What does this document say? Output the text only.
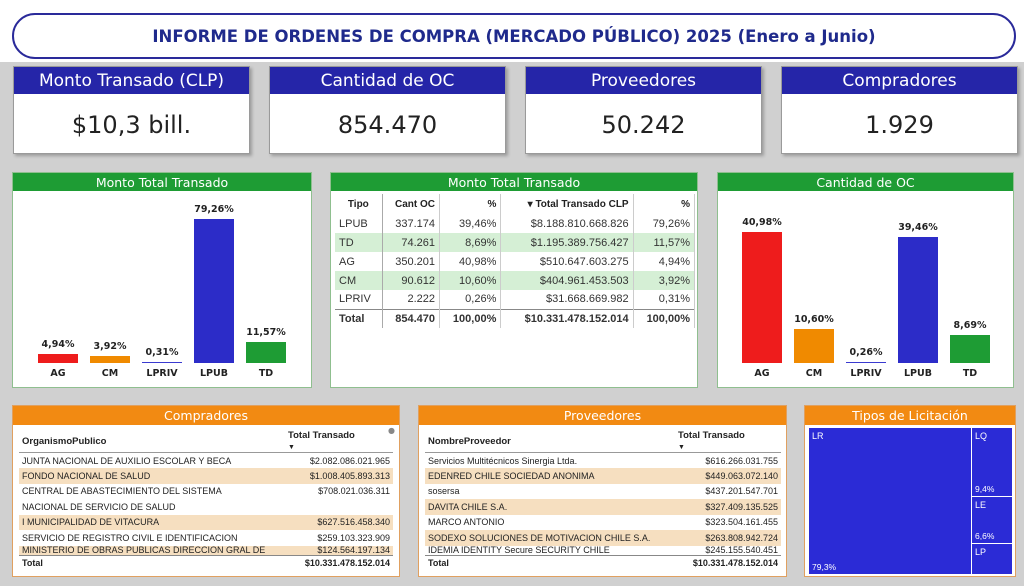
INFORME DE ORDENES DE COMPRA (MERCADO PÚBLICO) 2025 (Enero a Junio)
Monto Transado (CLP)
$10,3 bill.
Cantidad de OC
854.470
Proveedores
50.242
Compradores
1.929
Monto Total Transado
4,94%
AG
3,92%
CM
0,31%
LPRIV
79,26%
LPUB
11,57%
TD
Monto Total Transado
Tipo	Cant OC	%	▾ Total Transado CLP	%
LPUB	337.174	39,46%	$8.188.810.668.826	79,26%
TD	74.261	8,69%	$1.195.389.756.427	11,57%
AG	350.201	40,98%	$510.647.603.275	4,94%
CM	90.612	10,60%	$404.961.453.503	3,92%
LPRIV	2.222	0,26%	$31.668.669.982	0,31%
Total	854.470	100,00%	$10.331.478.152.014	100,00%
Cantidad de OC
40,98%
AG
10,60%
CM
0,26%
LPRIV
39,46%
LPUB
8,69%
TD
Compradores
●
OrganismoPublico	Total Transado
▼
JUNTA NACIONAL DE AUXILIO ESCOLAR Y BECA	$2.082.086.021.965
FONDO NACIONAL DE SALUD	$1.008.405.893.313
CENTRAL DE ABASTECIMIENTO DEL SISTEMA	$708.021.036.311
NACIONAL DE SERVICIO DE SALUD	
I MUNICIPALIDAD DE VITACURA	$627.516.458.340
SERVICIO DE REGISTRO CIVIL E IDENTIFICACION	$259.103.323.909
MINISTERIO DE OBRAS PUBLICAS DIRECCION GRAL DE	$124.564.197.134
Total	$10.331.478.152.014
Proveedores
NombreProveedor	Total Transado
▼
Servicios Multitécnicos Sinergia Ltda.	$616.266.031.755
EDENRED CHILE SOCIEDAD ANONIMA	$449.063.072.140
sosersa	$437.201.547.701
DAVITA CHILE S.A.	$327.409.135.525
MARCO ANTONIO	$323.504.161.455
SODEXO SOLUCIONES DE MOTIVACION CHILE S.A.	$263.808.942.724
IDEMIA IDENTITY Secure SECURITY CHILE	$245.155.540.451
Total	$10.331.478.152.014
Tipos de Licitación
LR
79,3%
LQ
9,4%
LE
6,6%
LP
